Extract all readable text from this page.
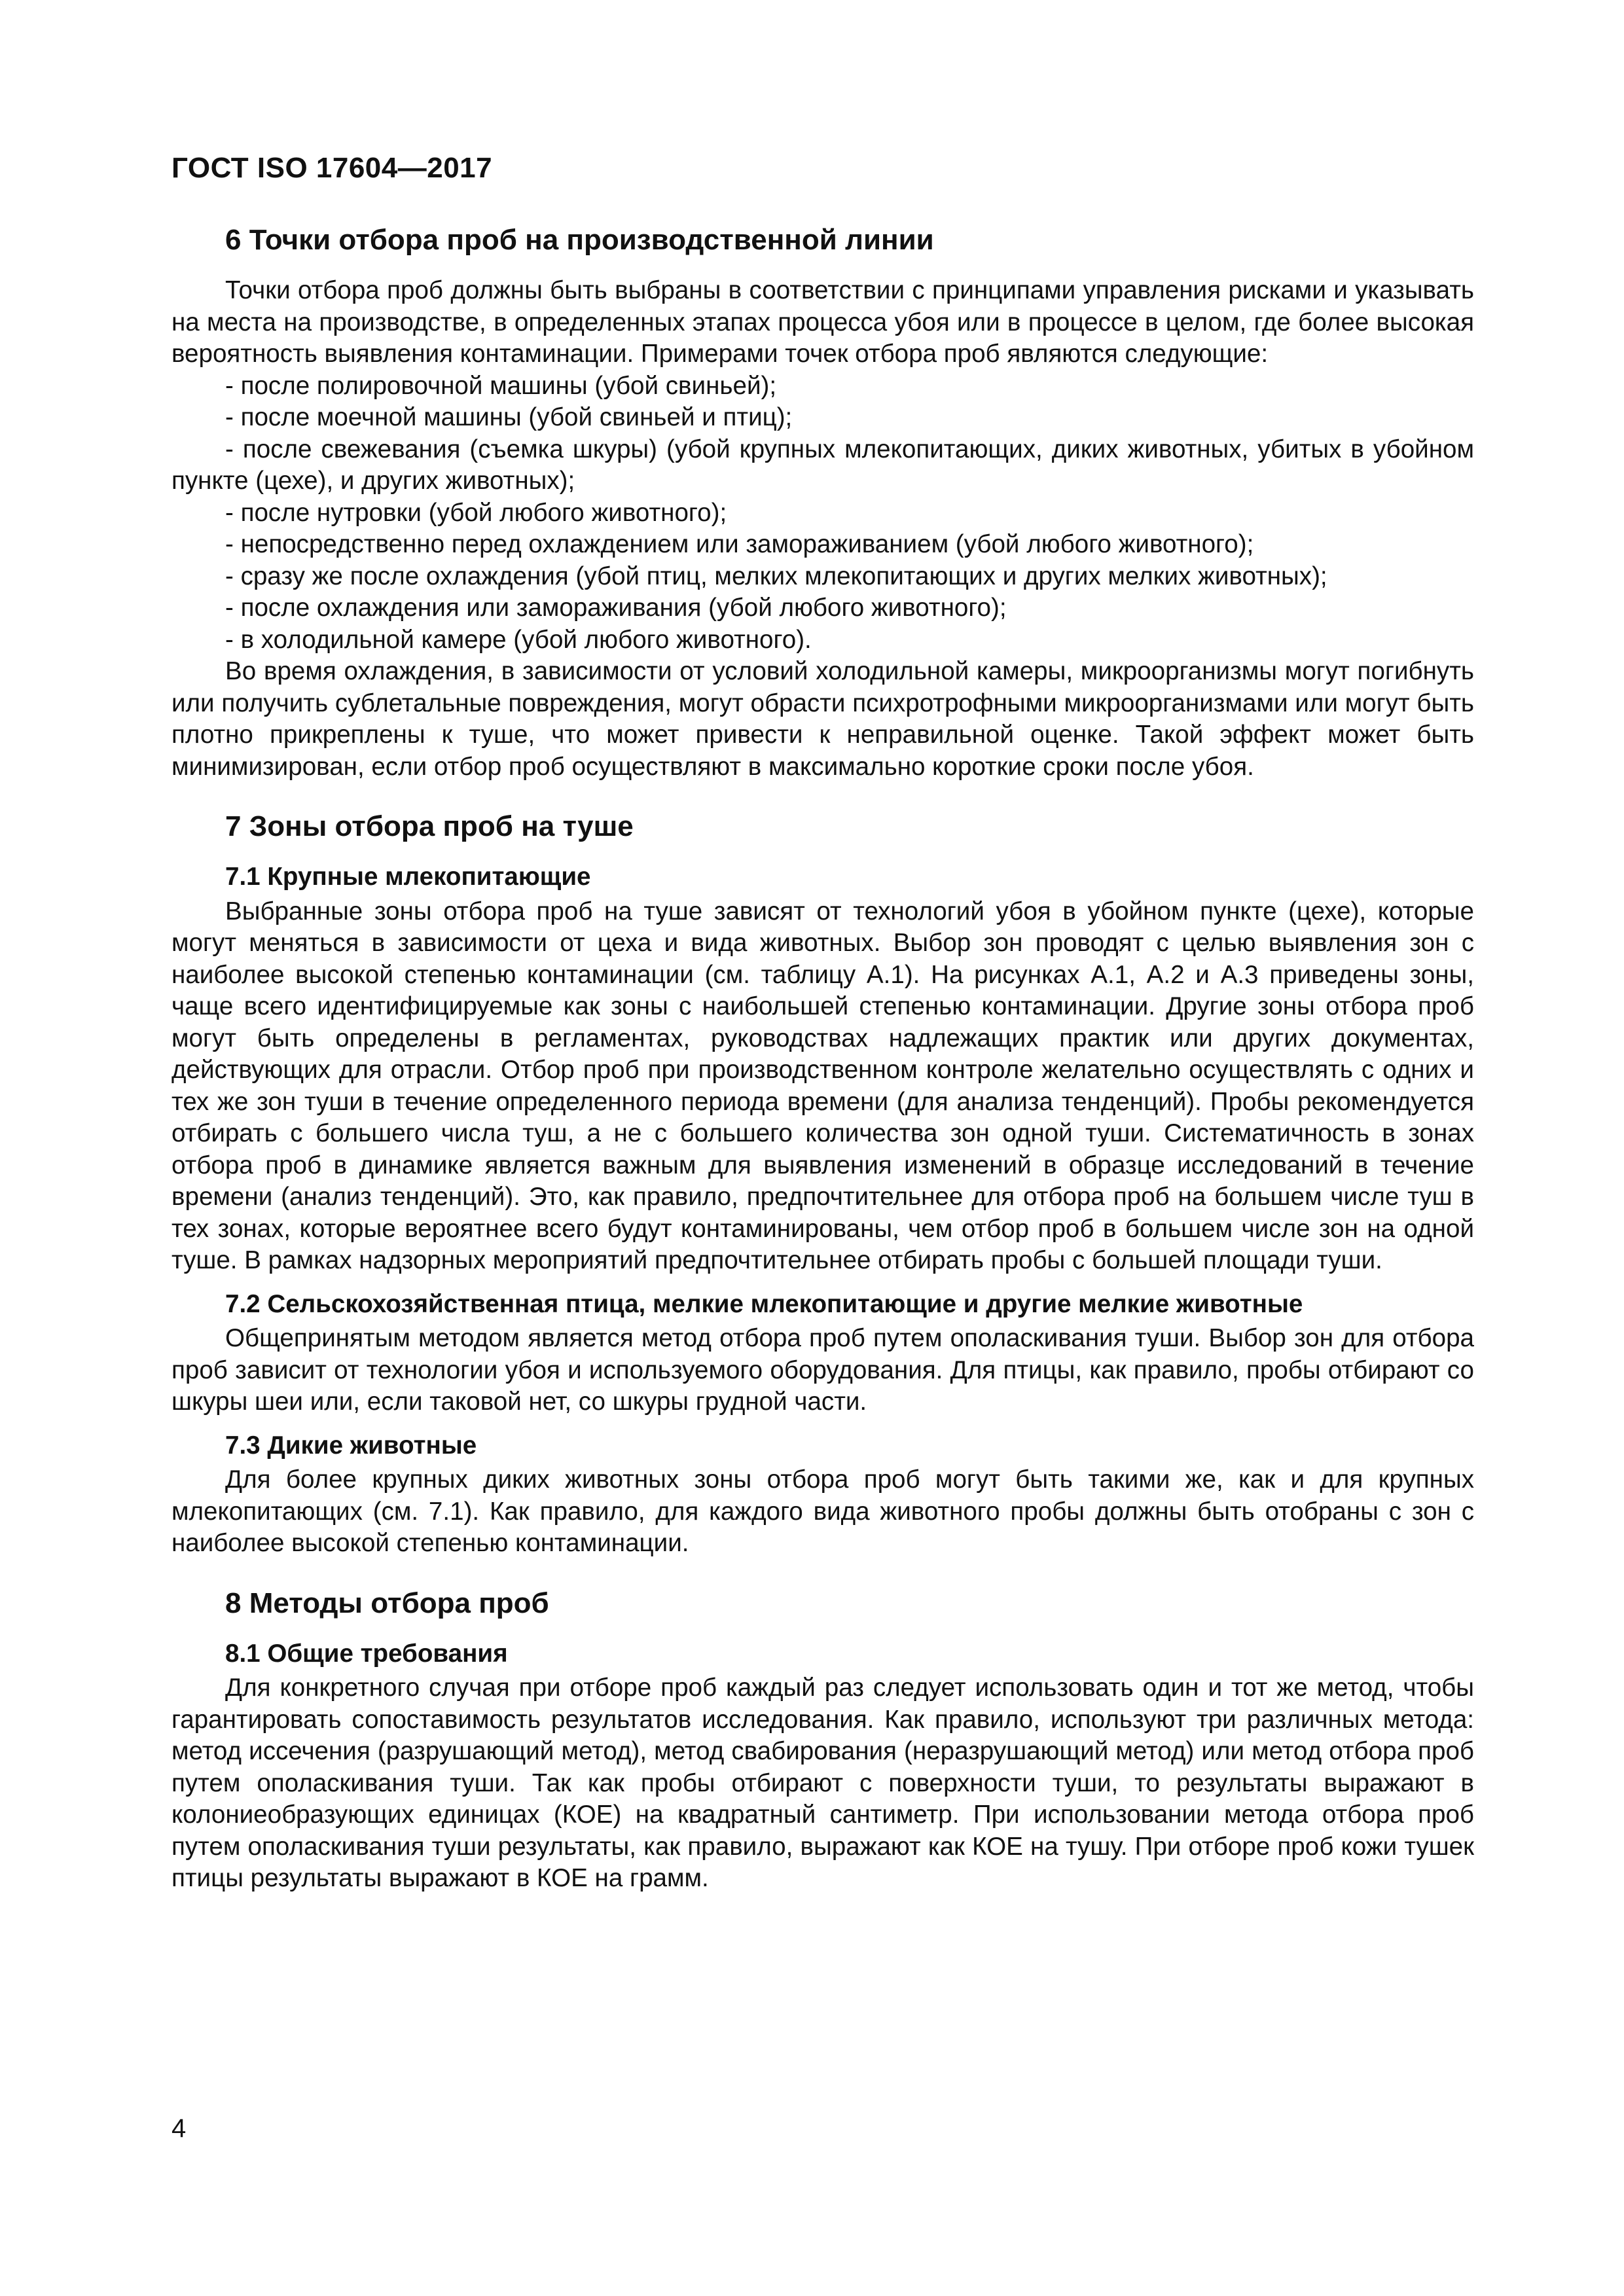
ГОСТ ISO 17604—2017
6 Точки отбора проб на производственной линии

Точки отбора проб должны быть выбраны в соответствии с принципами управления рисками и указывать на места на производстве, в определенных этапах процесса убоя или в процессе в целом, где более высокая вероятность выявления контаминации. Примерами точек отбора проб являются следующие:

- после полировочной машины (убой свиньей);

- после моечной машины (убой свиньей и птиц);

- после свежевания (съемка шкуры) (убой крупных млекопитающих, диких животных, убитых в убойном пункте (цехе), и других животных);

- после нутровки (убой любого животного);

- непосредственно перед охлаждением или замораживанием (убой любого животного);

- сразу же после охлаждения (убой птиц, мелких млекопитающих и других мелких животных);

- после охлаждения или замораживания (убой любого животного);

- в холодильной камере (убой любого животного).

Во время охлаждения, в зависимости от условий холодильной камеры, микроорганизмы могут погибнуть или получить сублетальные повреждения, могут обрасти психротрофными микроорганизмами или могут быть плотно прикреплены к туше, что может привести к неправильной оценке. Такой эффект может быть минимизирован, если отбор проб осуществляют в максимально короткие сроки после убоя.

7 Зоны отбора проб на туше
7.1 Крупные млекопитающие

Выбранные зоны отбора проб на туше зависят от технологий убоя в убойном пункте (цехе), которые могут меняться в зависимости от цеха и вида животных. Выбор зон проводят с целью выявления зон с наиболее высокой степенью контаминации (см. таблицу А.1). На рисунках А.1, А.2 и А.3 приведены зоны, чаще всего идентифицируемые как зоны с наибольшей степенью контаминации. Другие зоны отбора проб могут быть определены в регламентах, руководствах надлежащих практик или других документах, действующих для отрасли. Отбор проб при производственном контроле желательно осуществлять с одних и тех же зон туши в течение определенного периода времени (для анализа тенденций). Пробы рекомендуется отбирать с большего числа туш, а не с большего количества зон одной туши. Систематичность в зонах отбора проб в динамике является важным для выявления изменений в образце исследований в течение времени (анализ тенденций). Это, как правило, предпочтительнее для отбора проб на большем числе туш в тех зонах, которые вероятнее всего будут контаминированы, чем отбор проб в большем числе зон на одной туше. В рамках надзорных мероприятий предпочтительнее отбирать пробы с большей площади туши.

7.2 Сельскохозяйственная птица, мелкие млекопитающие и другие мелкие животные

Общепринятым методом является метод отбора проб путем ополаскивания туши. Выбор зон для отбора проб зависит от технологии убоя и используемого оборудования. Для птицы, как правило, пробы отбирают со шкуры шеи или, если таковой нет, со шкуры грудной части.

7.3 Дикие животные

Для более крупных диких животных зоны отбора проб могут быть такими же, как и для крупных млекопитающих (см. 7.1). Как правило, для каждого вида животного пробы должны быть отобраны с зон с наиболее высокой степенью контаминации.

8 Методы отбора проб
8.1 Общие требования

Для конкретного случая при отборе проб каждый раз следует использовать один и тот же метод, чтобы гарантировать сопоставимость результатов исследования. Как правило, используют три различных метода: метод иссечения (разрушающий метод), метод свабирования (неразрушающий метод) или метод отбора проб путем ополаскивания туши. Так как пробы отбирают с поверхности туши, то результаты выражают в колониеобразующих единицах (КОЕ) на квадратный сантиметр. При использовании метода отбора проб путем ополаскивания туши результаты, как правило, выражают как КОЕ на тушу. При отборе проб кожи тушек птицы результаты выражают в КОЕ на грамм.

4
